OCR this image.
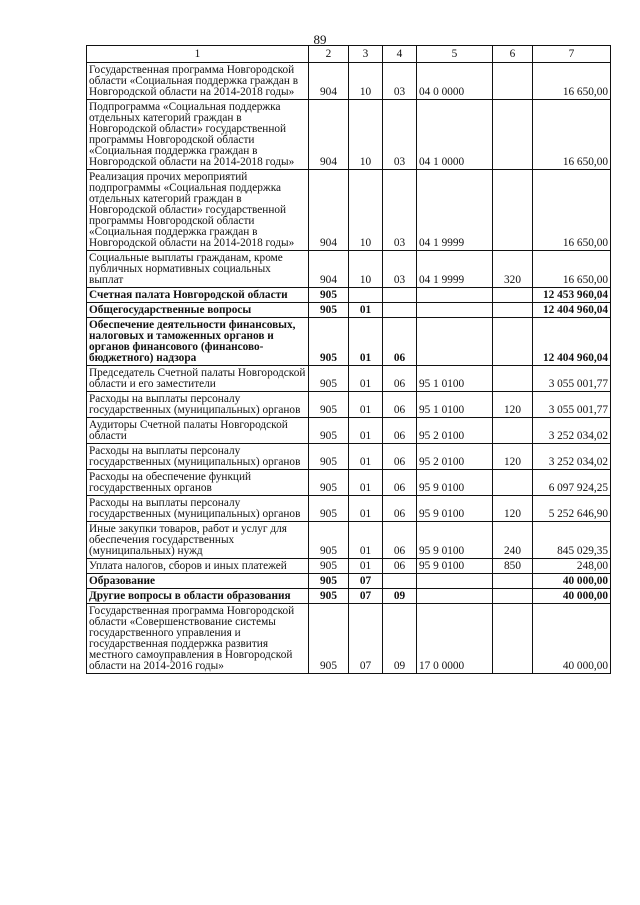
89
1	2	3	4	5	6	7
Государственная программа Новгородской области «Социальная поддержка граждан в Новгородской области на 2014-2018 годы»	904	10	03	04 0 0000		16 650,00
Подпрограмма «Социальная поддержка отдельных категорий граждан в Новгородской области» государственной программы Новгородской области «Социальная поддержка граждан в Новгородской области на 2014-2018 годы»	904	10	03	04 1 0000		16 650,00
Реализация прочих мероприятий подпрограммы «Социальная поддержка отдельных категорий граждан в Новгородской области» государственной программы Новгородской области «Социальная поддержка граждан в Новгородской области на 2014-2018 годы»	904	10	03	04 1 9999		16 650,00
Социальные выплаты гражданам, кроме публичных нормативных социальных выплат	904	10	03	04 1 9999	320	16 650,00
Счетная палата Новгородской области	905					12 453 960,04
Общегосударственные вопросы	905	01				12 404 960,04
Обеспечение деятельности финансовых, налоговых и таможенных органов и органов финансового (финансово-бюджетного) надзора	905	01	06			12 404 960,04
Председатель Счетной палаты Новгородской области и его заместители	905	01	06	95 1 0100		3 055 001,77
Расходы на выплаты персоналу государственных (муниципальных) органов	905	01	06	95 1 0100	120	3 055 001,77
Аудиторы Счетной палаты Новгородской области	905	01	06	95 2 0100		3 252 034,02
Расходы на выплаты персоналу государственных (муниципальных) органов	905	01	06	95 2 0100	120	3 252 034,02
Расходы на обеспечение функций государственных органов	905	01	06	95 9 0100		6 097 924,25
Расходы на выплаты персоналу государственных (муниципальных) органов	905	01	06	95 9 0100	120	5 252 646,90
Иные закупки товаров, работ и услуг для обеспечения государственных (муниципальных) нужд	905	01	06	95 9 0100	240	845 029,35
Уплата налогов, сборов и иных платежей	905	01	06	95 9 0100	850	248,00
Образование	905	07				40 000,00
Другие вопросы в области образования	905	07	09			40 000,00
Государственная программа Новгородской области «Совершенствование системы государственного управления и государственная поддержка развития местного самоуправления в Новгородской области на 2014-2016 годы»	905	07	09	17 0 0000		40 000,00
